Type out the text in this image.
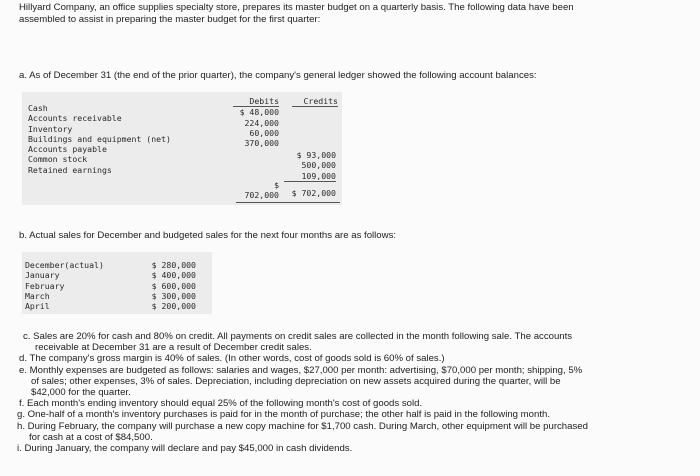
Hillyard Company, an office supplies specialty store, prepares its master budget on a quarterly basis. The following data have been
assembled to assist in preparing the master budget for the first quarter:
a. As of December 31 (the end of the prior quarter), the company's general ledger showed the following account balances:
Cash
Accounts receivable
Inventory
Buildings and equipment (net)
Accounts payable
Common stock
Retained earnings
Debits
$ 48,000
224,000
60,000
370,000
Credits
$ 93,000
500,000
109,000
$
702,000	$ 702,000
b. Actual sales for December and budgeted sales for the next four months are as follows:
December(actual)
January
February
March
April
$ 280,000
$ 400,000
$ 600,000
$ 300,000
$ 200,000
c. Sales are 20% for cash and 80% on credit. All payments on credit sales are collected in the month following sale. The accounts
receivable at December 31 are a result of December credit sales.
d. The company's gross margin is 40% of sales. (In other words, cost of goods sold is 60% of sales.)
e. Monthly expenses are budgeted as follows: salaries and wages, $27,000 per month: advertising, $70,000 per month; shipping, 5%
of sales; other expenses, 3% of sales. Depreciation, including depreciation on new assets acquired during the quarter, will be
$42,000 for the quarter.
f. Each month's ending inventory should equal 25% of the following month's cost of goods sold.
g. One-half of a month's inventory purchases is paid for in the month of purchase; the other half is paid in the following month.
h. During February, the company will purchase a new copy machine for $1,700 cash. During March, other equipment will be purchased
for cash at a cost of $84,500.
i. During January, the company will declare and pay $45,000 in cash dividends.
